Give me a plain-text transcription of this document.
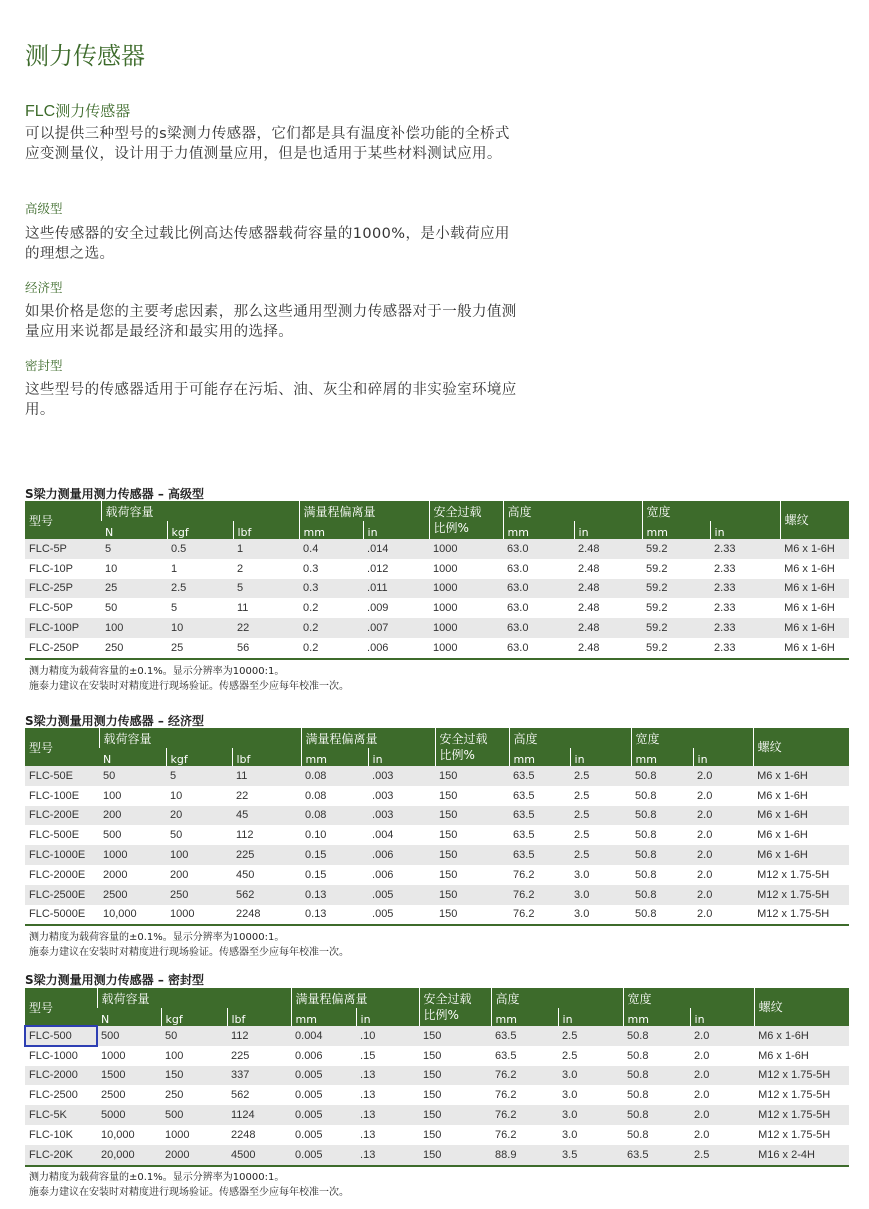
测力传感器
FLC测力传感器

可以提供三种型号的s梁测力传感器，它们都是具有温度补偿功能的全桥式应变测量仪，设计用于力值测量应用，但是也适用于某些材料测试应用。

高级型

这些传感器的安全过载比例高达传感器载荷容量的1000%，是小载荷应用的理想之选。

经济型

如果价格是您的主要考虑因素，那么这些通用型测力传感器对于一般力值测量应用来说都是最经济和最实用的选择。

密封型

这些型号的传感器适用于可能存在污垢、油、灰尘和碎屑的非实验室环境应用。

S梁力测量用测力传感器 – 高级型

型号	载荷容量			满量程偏离量		安全过载
比例%	高度		宽度		螺纹
	N	kgf	lbf	mm	in		mm	in	mm	in	
FLC-5P	5	0.5	1	0.4	.014	1000	63.0	2.48	59.2	2.33	M6 x 1-6H
FLC-10P	10	1	2	0.3	.012	1000	63.0	2.48	59.2	2.33	M6 x 1-6H
FLC-25P	25	2.5	5	0.3	.011	1000	63.0	2.48	59.2	2.33	M6 x 1-6H
FLC-50P	50	5	11	0.2	.009	1000	63.0	2.48	59.2	2.33	M6 x 1-6H
FLC-100P	100	10	22	0.2	.007	1000	63.0	2.48	59.2	2.33	M6 x 1-6H
FLC-250P	250	25	56	0.2	.006	1000	63.0	2.48	59.2	2.33	M6 x 1-6H

测力精度为载荷容量的±0.1%。显示分辨率为10000:1。
施泰力建议在安装时对精度进行现场验证。传感器至少应每年校准一次。

S梁力测量用测力传感器 – 经济型

型号	载荷容量			满量程偏离量		安全过载
比例%	高度		宽度		螺纹
	N	kgf	lbf	mm	in		mm	in	mm	in	
FLC-50E	50	5	11	0.08	.003	150	63.5	2.5	50.8	2.0	M6 x 1-6H
FLC-100E	100	10	22	0.08	.003	150	63.5	2.5	50.8	2.0	M6 x 1-6H
FLC-200E	200	20	45	0.08	.003	150	63.5	2.5	50.8	2.0	M6 x 1-6H
FLC-500E	500	50	112	0.10	.004	150	63.5	2.5	50.8	2.0	M6 x 1-6H
FLC-1000E	1000	100	225	0.15	.006	150	63.5	2.5	50.8	2.0	M6 x 1-6H
FLC-2000E	2000	200	450	0.15	.006	150	76.2	3.0	50.8	2.0	M12 x 1.75-5H
FLC-2500E	2500	250	562	0.13	.005	150	76.2	3.0	50.8	2.0	M12 x 1.75-5H
FLC-5000E	10,000	1000	2248	0.13	.005	150	76.2	3.0	50.8	2.0	M12 x 1.75-5H

测力精度为载荷容量的±0.1%。显示分辨率为10000:1。
施泰力建议在安装时对精度进行现场验证。传感器至少应每年校准一次。

S梁力测量用测力传感器 – 密封型

型号	载荷容量			满量程偏离量		安全过载
比例%	高度		宽度		螺纹
	N	kgf	lbf	mm	in		mm	in	mm	in	
FLC-500	500	50	112	0.004	.10	150	63.5	2.5	50.8	2.0	M6 x 1-6H
FLC-1000	1000	100	225	0.006	.15	150	63.5	2.5	50.8	2.0	M6 x 1-6H
FLC-2000	1500	150	337	0.005	.13	150	76.2	3.0	50.8	2.0	M12 x 1.75-5H
FLC-2500	2500	250	562	0.005	.13	150	76.2	3.0	50.8	2.0	M12 x 1.75-5H
FLC-5K	5000	500	1124	0.005	.13	150	76.2	3.0	50.8	2.0	M12 x 1.75-5H
FLC-10K	10,000	1000	2248	0.005	.13	150	76.2	3.0	50.8	2.0	M12 x 1.75-5H
FLC-20K	20,000	2000	4500	0.005	.13	150	88.9	3.5	63.5	2.5	M16 x 2-4H

测力精度为载荷容量的±0.1%。显示分辨率为10000:1。
施泰力建议在安装时对精度进行现场验证。传感器至少应每年校准一次。
